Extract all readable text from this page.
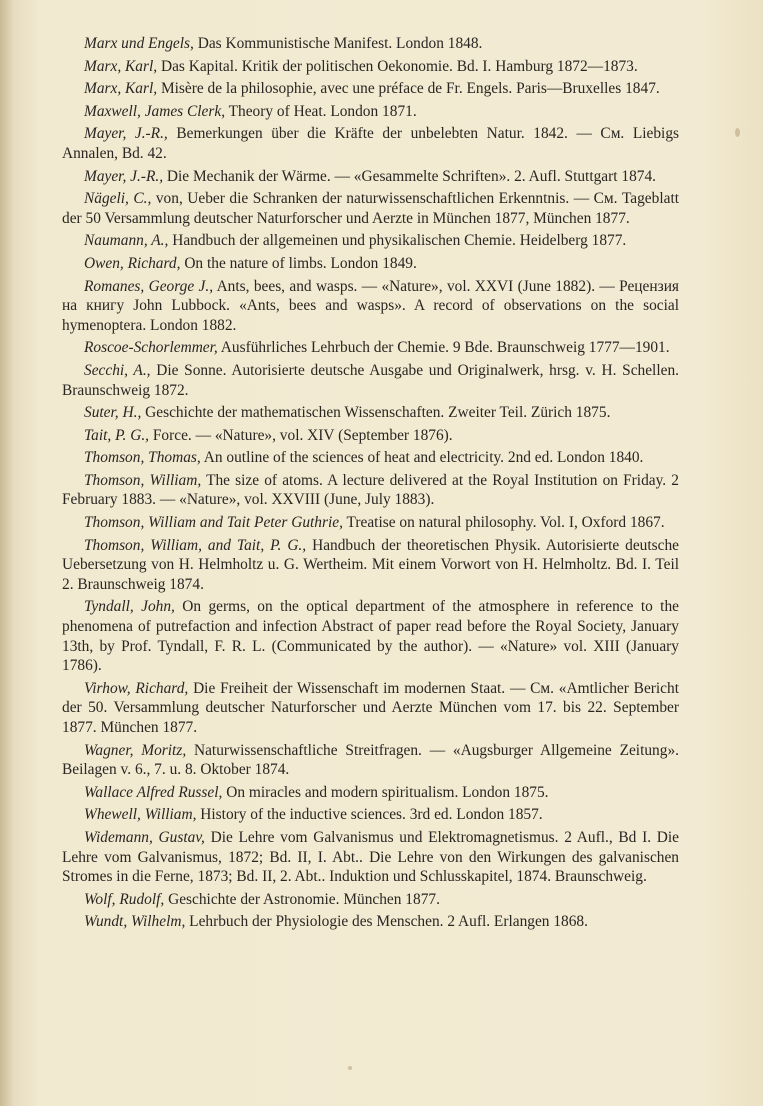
Marx und Engels, Das Kommunistische Manifest. London 1848.

Marx, Karl, Das Kapital. Kritik der politischen Oekonomie. Bd. I. Hamburg 1872—1873.

Marx, Karl, Misère de la philosophie, avec une préface de Fr. Engels. Paris—Bruxelles 1847.

Maxwell, James Clerk, Theory of Heat. London 1871.

Mayer, J.-R., Bemerkungen über die Kräfte der unbelebten Natur. 1842. — См. Liebigs Annalen, Bd. 42.

Mayer, J.-R., Die Mechanik der Wärme. — «Gesammelte Schriften». 2. Aufl. Stuttgart 1874.

Nägeli, C., von, Ueber die Schranken der naturwissenschaftlichen Erkenntnis. — См. Tageblatt der 50 Versammlung deutscher Naturforscher und Aerzte in München 1877, München 1877.

Naumann, A., Handbuch der allgemeinen und physikalischen Chemie. Heidelberg 1877.

Owen, Richard, On the nature of limbs. London 1849.

Romanes, George J., Ants, bees, and wasps. — «Nature», vol. XXVI (June 1882). — Рецензия на книгу John Lubbock. «Ants, bees and wasps». A record of observations on the social hymenoptera. London 1882.

Roscoe-Schorlemmer, Ausführliches Lehrbuch der Chemie. 9 Bde. Braunschweig 1777—1901.

Secchi, A., Die Sonne. Autorisierte deutsche Ausgabe und Originalwerk, hrsg. v. H. Schellen. Braunschweig 1872.

Suter, H., Geschichte der mathematischen Wissenschaften. Zweiter Teil. Zürich 1875.

Tait, P. G., Force. — «Nature», vol. XIV (September 1876).

Thomson, Thomas, An outline of the sciences of heat and electricity. 2nd ed. London 1840.

Thomson, William, The size of atoms. A lecture delivered at the Royal Institution on Friday. 2 February 1883. — «Nature», vol. XXVIII (June, July 1883).

Thomson, William and Tait Peter Guthrie, Treatise on natural philosophy. Vol. I, Oxford 1867.

Thomson, William, and Tait, P. G., Handbuch der theoretischen Physik. Autorisierte deutsche Uebersetzung von H. Helmholtz u. G. Wertheim. Mit einem Vorwort von H. Helmholtz. Bd. I. Teil 2. Braunschweig 1874.

Tyndall, John, On germs, on the optical department of the atmosphere in reference to the phenomena of putrefaction and infection Abstract of paper read before the Royal Society, January 13th, by Prof. Tyndall, F. R. L. (Communicated by the author). — «Nature» vol. XIII (January 1786).

Virhow, Richard, Die Freiheit der Wissenschaft im modernen Staat. — См. «Amtlicher Bericht der 50. Versammlung deutscher Naturforscher und Aerzte München vom 17. bis 22. September 1877. München 1877.

Wagner, Moritz, Naturwissenschaftliche Streitfragen. — «Augsburger Allgemeine Zeitung». Beilagen v. 6., 7. u. 8. Oktober 1874.

Wallace Alfred Russel, On miracles and modern spiritualism. London 1875.

Whewell, William, History of the inductive sciences. 3rd ed. London 1857.

Widemann, Gustav, Die Lehre vom Galvanismus und Elektromagnetismus. 2 Aufl., Bd I. Die Lehre vom Galvanismus, 1872; Bd. II, I. Abt.. Die Lehre von den Wirkungen des galvanischen Stromes in die Ferne, 1873; Bd. II, 2. Abt.. Induktion und Schlusskapitel, 1874. Braunschweig.

Wolf, Rudolf, Geschichte der Astronomie. München 1877.

Wundt, Wilhelm, Lehrbuch der Physiologie des Menschen. 2 Aufl. Erlangen 1868.
